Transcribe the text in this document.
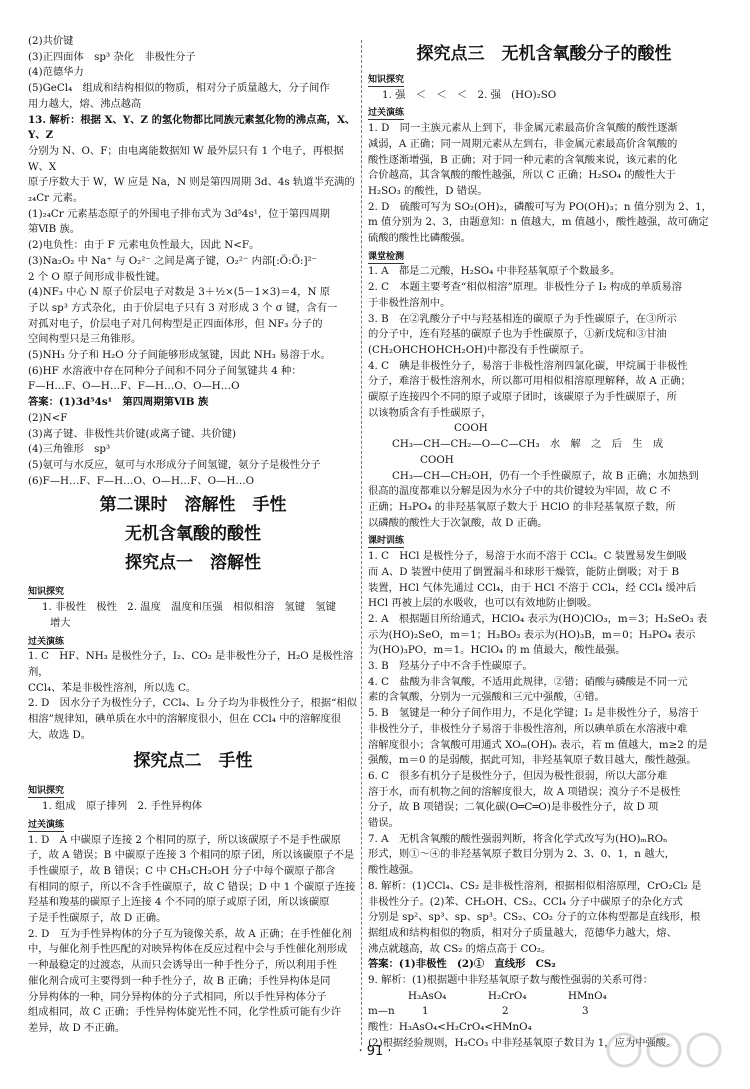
(2)共价键

(3)正四面体　sp³ 杂化　非极性分子

(4)范德华力

(5)GeCl₄　组成和结构相似的物质，相对分子质量越大，分子间作

用力越大，熔、沸点越高

13. 解析：根据 X、Y、Z 的氢化物都比同族元素氢化物的沸点高，X、Y、Z

分别为 N、O、F；由电离能数据知 W 最外层只有 1 个电子，再根据 W、X

原子序数大于 W，W 应是 Na，N 则是第四周期 3d、4s 轨道半充满的

₂₄Cr 元素。

(1)₂₄Cr 元素基态原子的外围电子排布式为 3d⁵4s¹，位于第四周期

第ⅥB 族。

(2)电负性：由于 F 元素电负性最大，因此 N<F。

(3)Na₂O₂ 中 Na⁺ 与 O₂²⁻ 之间是离子键，O₂²⁻ 内部[:Ö:Ö:]²⁻

2 个 O 原子间形成非极性键。

(4)NF₃ 中心 N 原子价层电子对数是 3＋½×(5－1×3)＝4，N 原

子以 sp³ 方式杂化，由于价层电子只有 3 对形成 3 个 σ 键，含有一

对孤对电子，价层电子对几何构型是正四面体形，但 NF₃ 分子的

空间构型只是三角锥形。

(5)NH₃ 分子和 H₂O 分子间能够形成氢键，因此 NH₃ 易溶于水。

(6)HF 水溶液中存在同种分子间和不同分子间氢键共 4 种：

F—H…F、O—H…F、F—H…O、O—H…O

答案：(1)3d⁵4s¹　第四周期第ⅥB 族

(2)N<F

(3)离子键、非极性共价键(或离子键、共价键)

(4)三角锥形　sp³

(5)氨可与水反应，氨可与水形成分子间氢键，氨分子是极性分子

(6)F—H…F、F—H…O、O—H…F、O—H…O

第二课时　溶解性　手性
无机含氧酸的酸性
探究点一　溶解性
知识探究

1. 非极性　极性　2. 温度　温度和压强　相似相溶　氢键　氢键

增大

过关演练

1. C　HF、NH₃ 是极性分子，I₂、CO₂ 是非极性分子，H₂O 是极性溶剂，

CCl₄、苯是非极性溶剂，所以选 C。

2. D　因水分子为极性分子，CCl₄、I₂ 分子均为非极性分子，根据“相似

相溶”规律知，碘单质在水中的溶解度很小，但在 CCl₄ 中的溶解度很

大，故选 D。

探究点二　手性
知识探究

1. 组成　原子排列　2. 手性异构体

过关演练

1. D　A 中碳原子连接 2 个相同的原子，所以该碳原子不是手性碳原

子，故 A 错误；B 中碳原子连接 3 个相同的原子团，所以该碳原子不是

手性碳原子，故 B 错误；C 中 CH₃CH₂OH 分子中每个碳原子都含

有相同的原子，所以不含手性碳原子，故 C 错误；D 中 1 个碳原子连接

羟基和羧基的碳原子上连接 4 个不同的原子或原子团，所以该碳原

子是手性碳原子，故 D 正确。

2. D　互为手性异构体的分子互为镜像关系，故 A 正确；在手性催化剂

中，与催化剂手性匹配的对映异构体在反应过程中会与手性催化剂形成

一种最稳定的过渡态，从而只会诱导出一种手性分子，所以利用手性

催化剂合成可主要得到一种手性分子，故 B 正确；手性异构体是同

分异构体的一种，同分异构体的分子式相同，所以手性异构体分子

组成相同，故 C 正确；手性异构体旋光性不同，化学性质可能有少许

差异，故 D 不正确。

探究点三　无机含氧酸分子的酸性
知识探究

1. 强　＜　＜　＜　2. 强　(HO)₂SO

过关演练

1. D　同一主族元素从上到下，非金属元素最高价含氧酸的酸性逐渐

减弱，A 正确；同一周期元素从左到右，非金属元素最高价含氧酸的

酸性逐渐增强，B 正确；对于同一种元素的含氧酸来说，该元素的化

合价越高，其含氧酸的酸性越强，所以 C 正确；H₂SO₄ 的酸性大于

H₂SO₃ 的酸性，D 错误。

2. D　硫酸可写为 SO₂(OH)₂，磷酸可写为 PO(OH)₃；n 值分别为 2、1，

m 值分别为 2、3，由题意知：n 值越大，m 值越小，酸性越强，故可确定

硫酸的酸性比磷酸强。

课堂检测

1. A　都是二元酸，H₂SO₄ 中非羟基氧原子个数最多。

2. C　本题主要考查“相似相溶”原理。非极性分子 I₂ 构成的单质易溶

于非极性溶剂中。

3. B　在②乳酸分子中与羟基相连的碳原子为手性碳原子，在③所示

的分子中，连有羟基的碳原子也为手性碳原子，①新戊烷和③甘油

(CH₂OHCHOHCH₂OH)中都没有手性碳原子。

4. C　碘是非极性分子，易溶于非极性溶剂四氯化碳，甲烷属于非极性

分子，难溶于极性溶剂水，所以都可用相似相溶原理解释，故 A 正确；

碳原子连接四个不同的原子或原子团时，该碳原子为手性碳原子，所

以该物质含有手性碳原子，

COOH

CH₃—CH—CH₂—O—C—CH₃　水　解　之　后　生　成

COOH

CH₃—CH—CH₂OH，仍有一个手性碳原子，故 B 正确；水加热到

很高的温度都难以分解是因为水分子中的共价键较为牢固，故 C 不

正确；H₃PO₄ 的非羟基氧原子数大于 HClO 的非羟基氧原子数，所

以磷酸的酸性大于次氯酸，故 D 正确。

课时训练

1. C　HCl 是极性分子，易溶于水而不溶于 CCl₄。C 装置易发生倒吸

而 A、D 装置中使用了倒置漏斗和球形干燥管，能防止倒吸；对于 B

装置，HCl 气体先通过 CCl₄，由于 HCl 不溶于 CCl₄，经 CCl₄ 缓冲后

HCl 再被上层的水吸收，也可以有效地防止倒吸。

2. A　根据题目所给通式，HClO₄ 表示为(HO)ClO₃，m＝3；H₂SeO₃ 表

示为(HO)₂SeO，m＝1；H₃BO₃ 表示为(HO)₃B，m＝0；H₃PO₄ 表示

为(HO)₃PO，m＝1。HClO₄ 的 m 值最大，酸性最强。

3. B　羟基分子中不含手性碳原子。

4. C　盐酸为非含氧酸，不适用此规律，②错；硝酸与磷酸是不同一元

素的含氧酸，分别为一元强酸和三元中强酸，④错。

5. B　氢键是一种分子间作用力，不是化学键；I₂ 是非极性分子，易溶于

非极性分子，非极性分子易溶于非极性溶剂，所以碘单质在水溶液中难

溶解度很小；含氧酸可用通式 XOₘ(OH)ₙ 表示，若 m 值越大，m≥2 的是

强酸，m＝0 的是弱酸，据此可知，非羟基氧原子数目越大，酸性越强。

6. C　很多有机分子是极性分子，但因为极性很弱，所以大部分难

溶于水，而有机物之间的溶解度很大，故 A 项错误；溴分子不是极性

分子，故 B 项错误；二氧化碳(O═C═O)是非极性分子，故 D 项

错误。

7. A　无机含氧酸的酸性强弱判断，将含化学式改写为(HO)ₘROₙ

形式，则①～④的非羟基氧原子数目分别为 2、3、0、1，n 越大，

酸性越强。

8. 解析：(1)CCl₄、CS₂ 是非极性溶剂，根据相似相溶原理，CrO₂Cl₂ 是

非极性分子。(2)苯、CH₃OH、CS₂、CCl₄ 分子中碳原子的杂化方式

分别是 sp²、sp³、sp、sp³。CS₂、CO₂ 分子的立体构型都是直线形，根

据组成和结构相似的物质，相对分子质量越大，范德华力越大，熔、

沸点就越高，故 CS₂ 的熔点高于 CO₂。

答案：(1)非极性　(2)①　直线形　CS₂

9. 解析：(1)根据题中非羟基氧原子数与酸性强弱的关系可得：

H₃AsO₄	H₂CrO₄	HMnO₄

m—n	1	2	3

酸性：H₃AsO₄<H₂CrO₄<HMnO₄

(2)根据经验规则，H₂CO₃ 中非羟基氧原子数目为 1，应为中强酸。

· 91 ·
